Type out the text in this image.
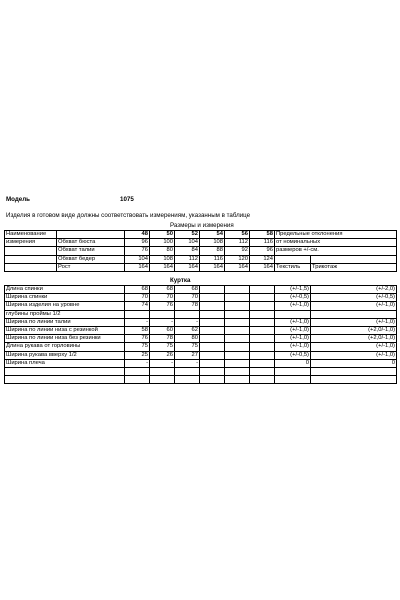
Модель	1075
Изделия в готовом виде должны соответствовать измерениям, указанным в таблице
Размеры и измерения
Наименование		48	50	52	54	56	58	Предельные отклонения	
измерения	Обхват бюста	96	100	104	108	112	116	от номинальных	
	Обхват талии	76	80	84	88	92	96	размеров +/-см.	
	Обхват бедер	104	108	112	116	120	124		
	Рост	164	164	164	164	164	164	Текстиль	Трикотаж
Куртка
Длина спинки	68	68	68				(+/-1,5)	(+/-2,0)
Ширина спинки	70	70	70				(+/-0,5)	(+/-0,5)
Ширина изделия на уровне	74	76	78				(+/-1,0)	(+/-1,0)
глубины проймы 1/2								
Ширина по линии талии	-	-	-				(+/-1,0)	(+/-1,0)
Ширина по линии низа с резинкой	58	60	62				(+/-1,0)	(+2,0/-1,0)
Ширина по линии низа без резинки	76	78	80				(+/-1,0)	(+2,0/-1,0)
Длина рукава от горловины	75	75	75				(+/-1,0)	(+/-1,0)
Ширина рукава вверху 1/2	25	26	27				(+/-0,5)	(+/-1,0)
Ширина плеча	-	-	-				0	0
